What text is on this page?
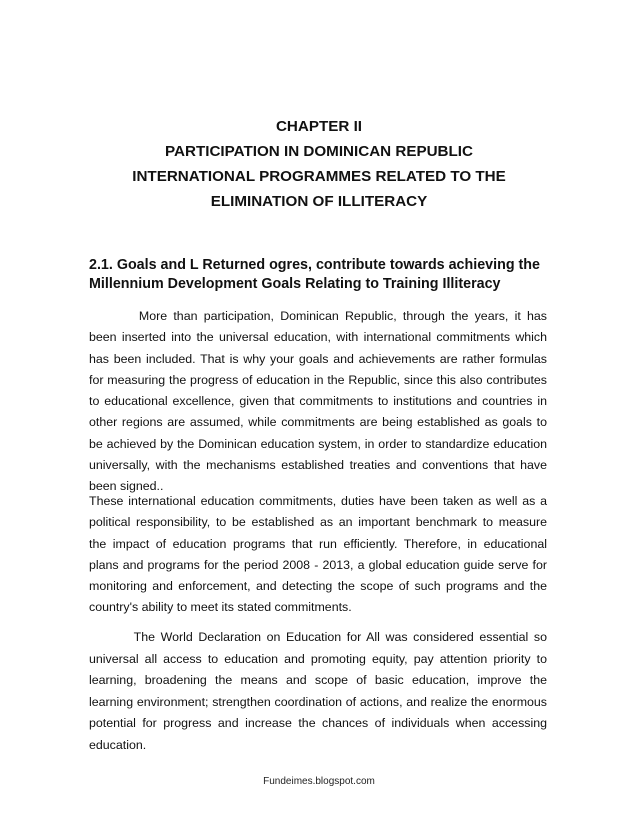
CHAPTER II
PARTICIPATION IN DOMINICAN REPUBLIC
INTERNATIONAL PROGRAMMES RELATED TO THE
ELIMINATION OF ILLITERACY
2.1. Goals and L Returned ogres, contribute towards achieving the
Millennium Development Goals Relating to Training Illiteracy
More than participation, Dominican Republic, through the years, it has
been inserted into the universal education, with international commitments which
has been included. That is why your goals and achievements are rather formulas
for measuring the progress of education in the Republic, since this also contributes
to educational excellence, given that commitments to institutions and countries in
other regions are assumed, while commitments are being established as goals to
be achieved by the Dominican education system, in order to standardize education
universally, with the mechanisms established treaties and conventions that have
been signed..
These international education commitments, duties have been taken as well as a
political responsibility, to be established as an important benchmark to measure
the impact of education programs that run efficiently. Therefore, in educational
plans and programs for the period 2008 - 2013, a global education guide serve for
monitoring and enforcement, and detecting the scope of such programs and the
country's ability to meet its stated commitments.
The World Declaration on Education for All was considered essential so
universal all access to education and promoting equity, pay attention priority to
learning, broadening the means and scope of basic education, improve the
learning environment; strengthen coordination of actions, and realize the enormous
potential for progress and increase the chances of individuals when accessing
education.
Fundeimes.blogspot.com
